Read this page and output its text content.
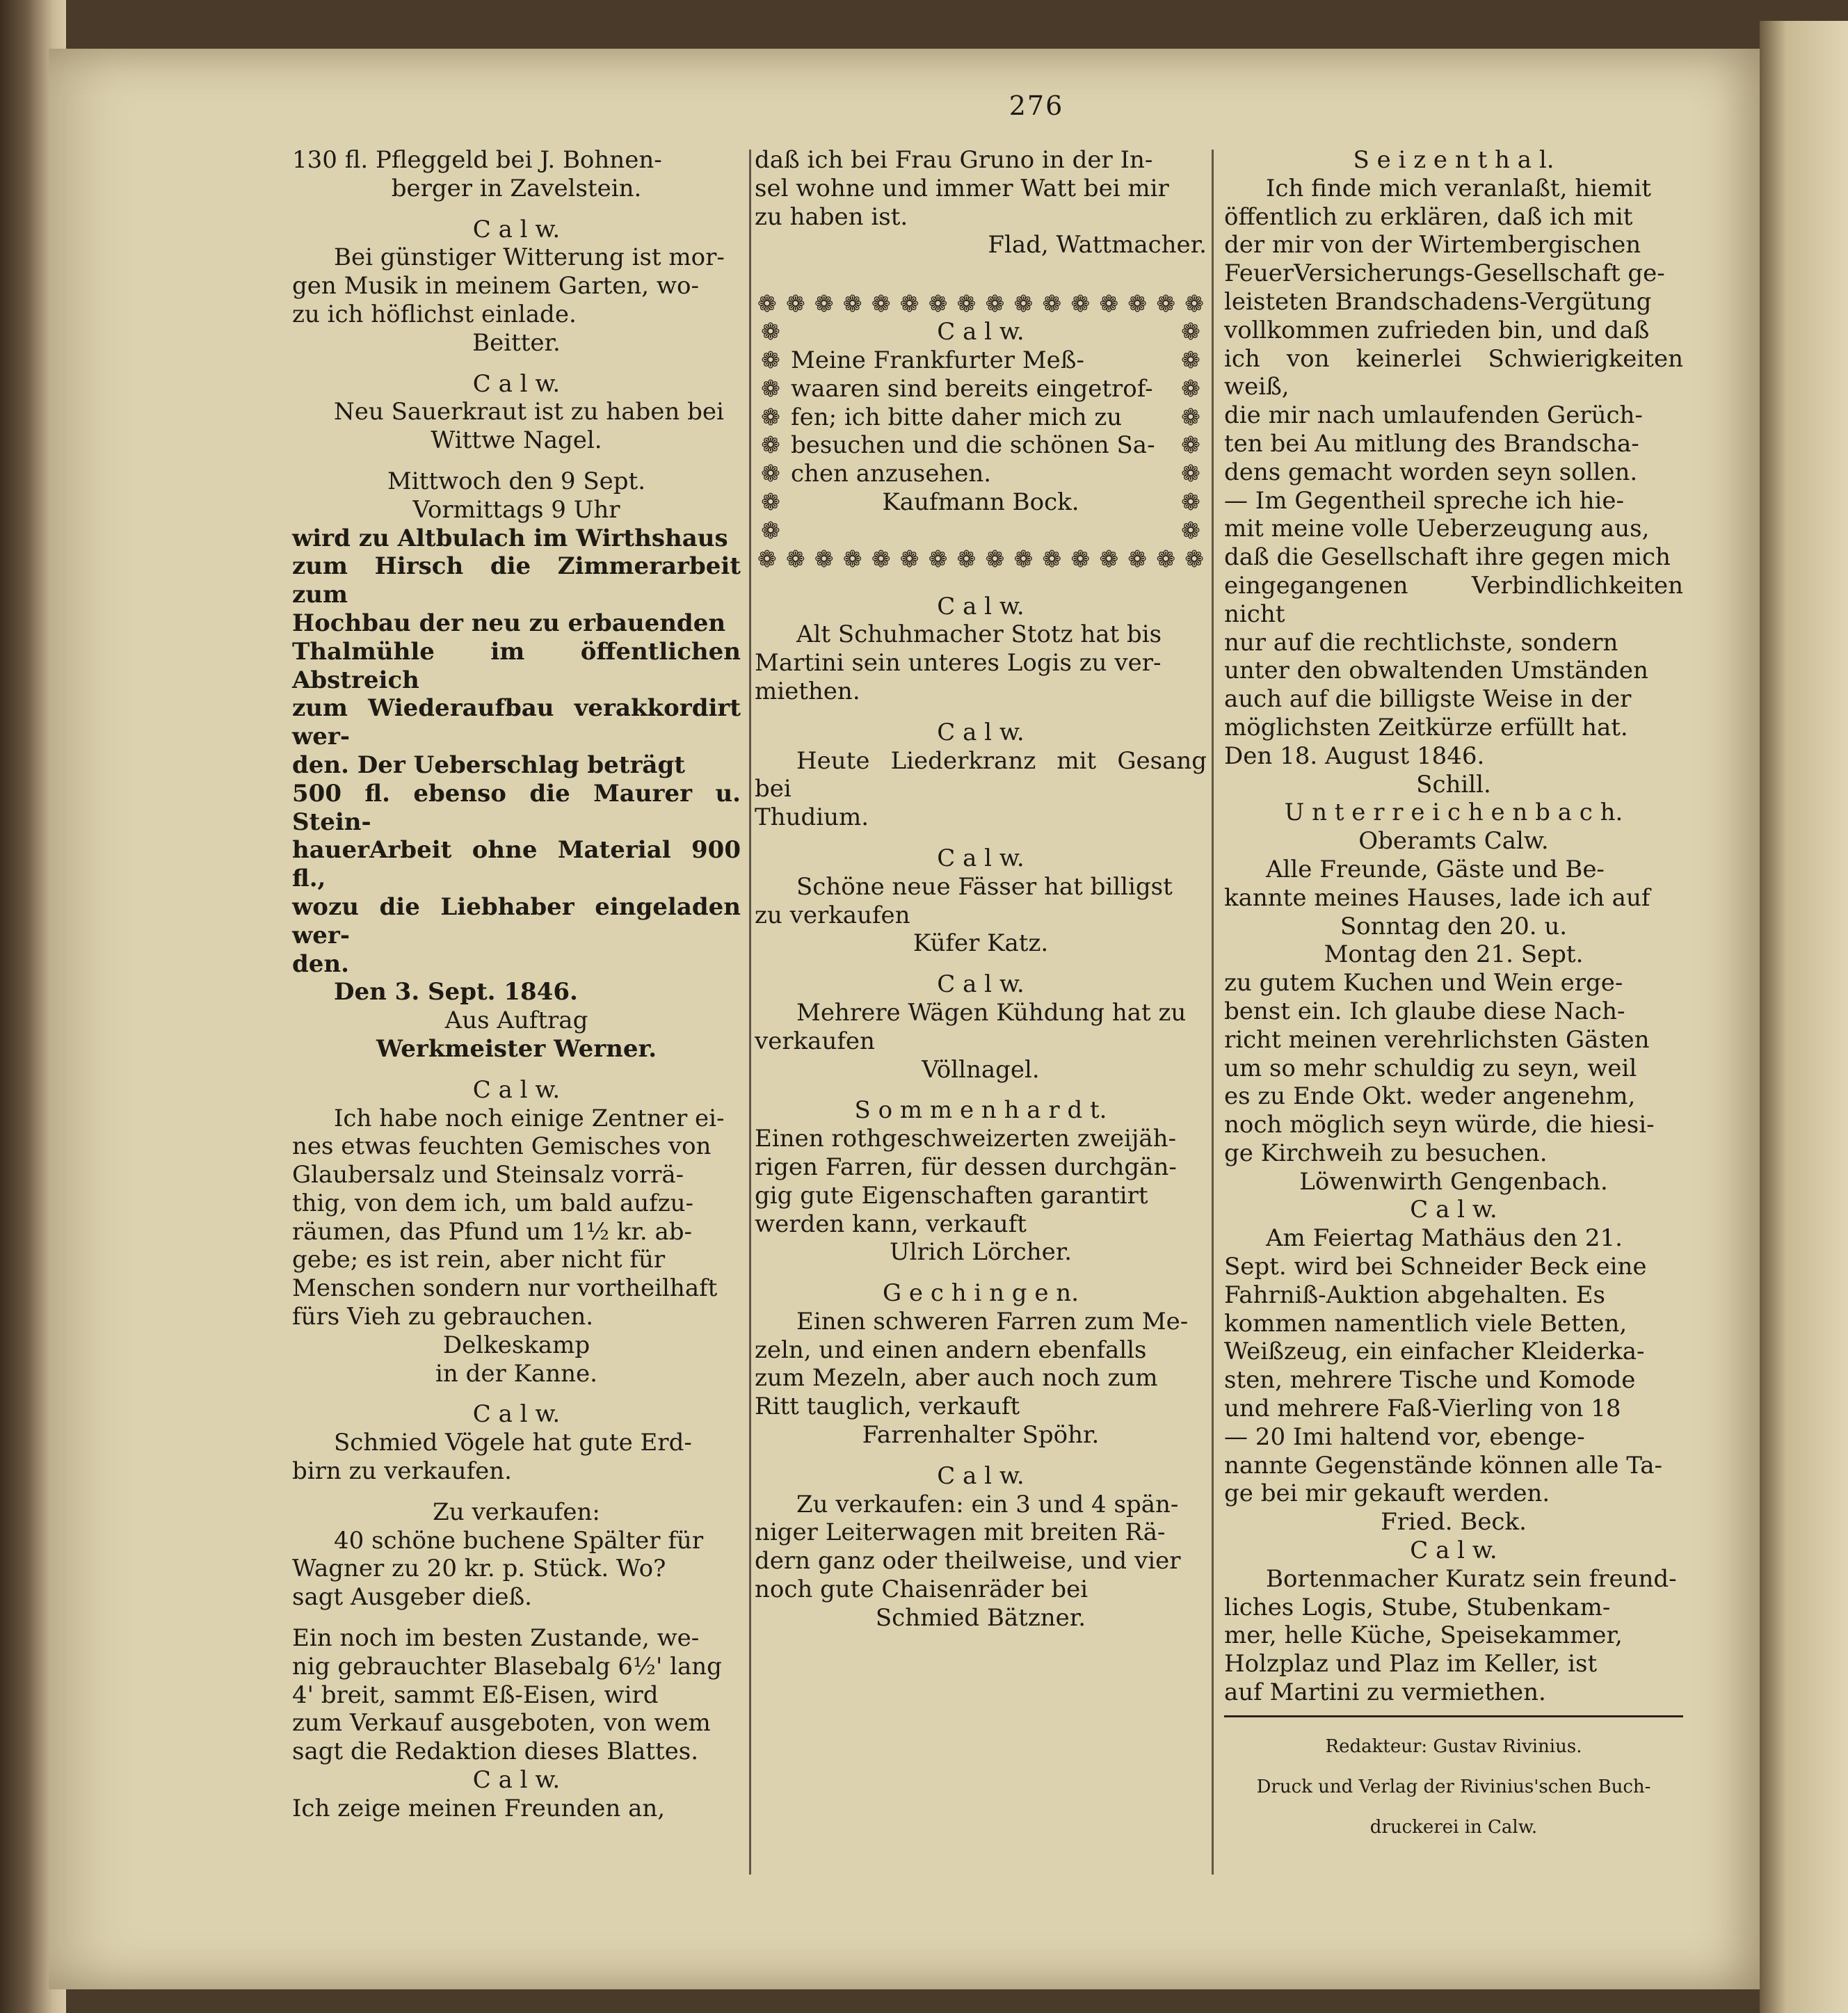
276

130 fl. Pfleggeld bei J. Bohnen-

berger in Zavelstein.

C a l w.

Bei günstiger Witterung ist mor-

gen Musik in meinem Garten, wo-

zu ich höflichst einlade.

Beitter.

C a l w.

Neu Sauerkraut ist zu haben bei

Wittwe Nagel.

Mittwoch den 9 Sept.

Vormittags 9 Uhr

wird zu Altbulach im Wirthshaus

zum Hirsch die Zimmerarbeit zum

Hochbau der neu zu erbauenden

Thalmühle im öffentlichen Abstreich

zum Wiederaufbau verakkordirt wer-

den. Der Ueberschlag beträgt

500 fl. ebenso die Maurer u. Stein-

hauerArbeit ohne Material 900 fl.,

wozu die Liebhaber eingeladen wer-

den.

Den 3. Sept. 1846.

Aus Auftrag

Werkmeister Werner.

C a l w.

Ich habe noch einige Zentner ei-

nes etwas feuchten Gemisches von

Glaubersalz und Steinsalz vorrä-

thig, von dem ich, um bald aufzu-

räumen, das Pfund um 1½ kr. ab-

gebe; es ist rein, aber nicht für

Menschen sondern nur vortheilhaft

fürs Vieh zu gebrauchen.

Delkeskamp

in der Kanne.

C a l w.

Schmied Vögele hat gute Erd-

birn zu verkaufen.

Zu verkaufen:

40 schöne buchene Spälter für

Wagner zu 20 kr. p. Stück. Wo?

sagt Ausgeber dieß.

Ein noch im besten Zustande, we-

nig gebrauchter Blasebalg 6½' lang

4' breit, sammt Eß-Eisen, wird

zum Verkauf ausgeboten, von wem

sagt die Redaktion dieses Blattes.

C a l w.

Ich zeige meinen Freunden an,

daß ich bei Frau Gruno in der In-

sel wohne und immer Watt bei mir

zu haben ist.

Flad, Wattmacher.

❁ ❁ ❁ ❁ ❁ ❁ ❁ ❁ ❁ ❁ ❁ ❁ ❁ ❁ ❁ ❁
❁
❁
❁
❁
❁
❁
❁
❁

C a l w.

Meine Frankfurter Meß-

waaren sind bereits eingetrof-

fen; ich bitte daher mich zu

besuchen und die schönen Sa-

chen anzusehen.

Kaufmann Bock.

❁
❁
❁
❁
❁
❁
❁
❁
❁ ❁ ❁ ❁ ❁ ❁ ❁ ❁ ❁ ❁ ❁ ❁ ❁ ❁ ❁ ❁

C a l w.

Alt Schuhmacher Stotz hat bis

Martini sein unteres Logis zu ver-

miethen.

C a l w.

Heute Liederkranz mit Gesang bei

Thudium.

C a l w.

Schöne neue Fässer hat billigst

zu verkaufen

Küfer Katz.

C a l w.

Mehrere Wägen Kühdung hat zu

verkaufen

Völlnagel.

S o m m e n h a r d t.

Einen rothgeschweizerten zweijäh-

rigen Farren, für dessen durchgän-

gig gute Eigenschaften garantirt

werden kann, verkauft

Ulrich Lörcher.

G e c h i n g e n.

Einen schweren Farren zum Me-

zeln, und einen andern ebenfalls

zum Mezeln, aber auch noch zum

Ritt tauglich, verkauft

Farrenhalter Spöhr.

C a l w.

Zu verkaufen: ein 3 und 4 spän-

niger Leiterwagen mit breiten Rä-

dern ganz oder theilweise, und vier

noch gute Chaisenräder bei

Schmied Bätzner.

S e i z e n t h a l.

Ich finde mich veranlaßt, hiemit

öffentlich zu erklären, daß ich mit

der mir von der Wirtembergischen

FeuerVersicherungs-Gesellschaft ge-

leisteten Brandschadens-Vergütung

vollkommen zufrieden bin, und daß

ich von keinerlei Schwierigkeiten weiß,

die mir nach umlaufenden Gerüch-

ten bei Au mitlung des Brandscha-

dens gemacht worden seyn sollen.

— Im Gegentheil spreche ich hie-

mit meine volle Ueberzeugung aus,

daß die Gesellschaft ihre gegen mich

eingegangenen Verbindlichkeiten nicht

nur auf die rechtlichste, sondern

unter den obwaltenden Umständen

auch auf die billigste Weise in der

möglichsten Zeitkürze erfüllt hat.

Den 18. August 1846.

Schill.

U n t e r r e i c h e n b a c h.

Oberamts Calw.

Alle Freunde, Gäste und Be-

kannte meines Hauses, lade ich auf

Sonntag den 20. u.

Montag den 21. Sept.

zu gutem Kuchen und Wein erge-

benst ein. Ich glaube diese Nach-

richt meinen verehrlichsten Gästen

um so mehr schuldig zu seyn, weil

es zu Ende Okt. weder angenehm,

noch möglich seyn würde, die hiesi-

ge Kirchweih zu besuchen.

Löwenwirth Gengenbach.

C a l w.

Am Feiertag Mathäus den 21.

Sept. wird bei Schneider Beck eine

Fahrniß-Auktion abgehalten. Es

kommen namentlich viele Betten,

Weißzeug, ein einfacher Kleiderka-

sten, mehrere Tische und Komode

und mehrere Faß-Vierling von 18

— 20 Imi haltend vor, ebenge-

nannte Gegenstände können alle Ta-

ge bei mir gekauft werden.

Fried. Beck.

C a l w.

Bortenmacher Kuratz sein freund-

liches Logis, Stube, Stubenkam-

mer, helle Küche, Speisekammer,

Holzplaz und Plaz im Keller, ist

auf Martini zu vermiethen.

Redakteur: Gustav Rivinius.

Druck und Verlag der Rivinius'schen Buch-

druckerei in Calw.
